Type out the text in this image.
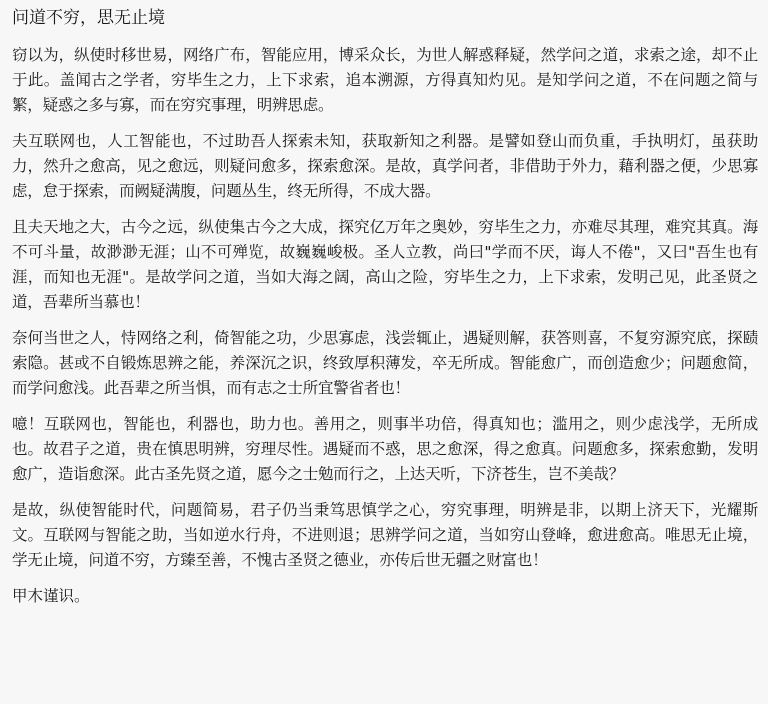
问道不穷，思无止境
窃以为，纵使时移世易，网络广布，智能应用，博采众长，为世人解惑释疑，然学问之道，求索之途，却不止于此。盖闻古之学者，穷毕生之力，上下求索，追本溯源，方得真知灼见。是知学问之道，不在问题之简与繁，疑惑之多与寡，而在穷究事理，明辨思虑。
夫互联网也，人工智能也，不过助吾人探索未知，获取新知之利器。是譬如登山而负重，手执明灯，虽获助力，然升之愈高，见之愈远，则疑问愈多，探索愈深。是故，真学问者，非借助于外力，藉利器之便，少思寡虑，怠于探索，而阙疑满腹，问题丛生，终无所得，不成大器。
且夫天地之大，古今之远，纵使集古今之大成，探究亿万年之奥妙，穷毕生之力，亦难尽其理，难究其真。海不可斗量，故渺渺无涯；山不可殚览，故巍巍峻极。圣人立教，尚曰"学而不厌，诲人不倦"，又曰"吾生也有涯，而知也无涯"。是故学问之道，当如大海之阔，高山之险，穷毕生之力，上下求索，发明己见，此圣贤之道，吾辈所当慕也！
奈何当世之人，恃网络之利，倚智能之功，少思寡虑，浅尝辄止，遇疑则解，获答则喜，不复穷源究底，探赜索隐。甚或不自锻炼思辨之能，养深沉之识，终致厚积薄发，卒无所成。智能愈广，而创造愈少；问题愈简，而学问愈浅。此吾辈之所当惧，而有志之士所宜警省者也！
噫！互联网也，智能也，利器也，助力也。善用之，则事半功倍，得真知也；滥用之，则少虑浅学，无所成也。故君子之道，贵在慎思明辨，穷理尽性。遇疑而不惑，思之愈深，得之愈真。问题愈多，探索愈勤，发明愈广，造诣愈深。此古圣先贤之道，愿今之士勉而行之，上达天听，下济苍生，岂不美哉？
是故，纵使智能时代，问题简易，君子仍当秉笃思慎学之心，穷究事理，明辨是非，以期上济天下，光耀斯文。互联网与智能之助，当如逆水行舟，不进则退；思辨学问之道，当如穷山登峰，愈进愈高。唯思无止境，学无止境，问道不穷，方臻至善，不愧古圣贤之德业，亦传后世无疆之财富也！
甲木谨识。
